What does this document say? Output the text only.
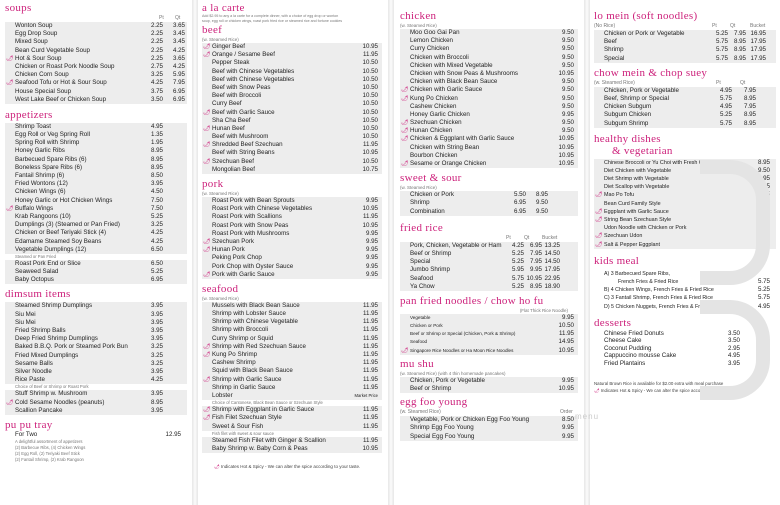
soups
Pt Qt
Wonton Soup	2.25 3.65
Egg Drop Soup	2.25 3.45
Mixed Soup	2.25 3.45
Bean Curd Vegetable Soup	2.25 4.25
🌶 Hot & Sour Soup	2.25 3.65
Chicken or Roast Pork Noodle Soup	2.75 4.25
Chicken Corn Soup	3.25 5.95
🌶 Seafood Tofu or Hot & Sour Soup	4.25 7.95
House Special Soup	3.75 6.95
West Lake Beef or Chicken Soup	3.50 6.95
appetizers
Shrimp Toast	4.95
Egg Roll or Veg Spring Roll	1.35
Spring Roll with Shrimp	1.95
Honey Garlic Ribs	8.95
Barbecued Spare Ribs (6)	8.95
Boneless Spare Ribs (6)	8.95
Fantail Shrimp (6)	8.50
Fried Wontons (12)	3.95
Chicken Wings (6)	4.50
Honey Garlic or Hot Chicken Wings	7.50
🌶 Buffalo Wings	7.50
Krab Rangoons (10)	5.25
Dumplings (3) (Steamed or Pan Fried)	3.25
Chicken or Beef Teriyaki Stick (4)	4.25
Edamame Steamed Soy Beans	4.25
Vegetable Dumplings (12)	6.50
Steamed or Pan Fried
Roast Pork End or Slice	6.50
Seaweed Salad	5.25
Baby Octopus	6.95
dimsum items
Steamed Shrimp Dumplings	3.95
Siu Mei	3.95
Siu Mei	3.95
Fried Shrimp Balls	3.95
Deep Fried Shrimp Dumplings	3.95
Baked B.B.Q. Pork or Steamed Pork Bun	3.25
Fried Mixed Dumplings	3.25
Sesame Balls	3.25
Silver Noodle	3.95
Rice Paste	4.25
Choice of Beef or Shrimp or Roast Pork
Stuff Shrimp w. Mushroom	3.95
🌶 Cold Sesame Noodles (peanuts)	8.95
Scallion Pancake	3.95
pu pu tray
For Two	12.95
A delightful assortment of appetizers
(2) Barbecue Ribs, (4) Chicken Wings
(2) Egg Roll, (2) Teriyaki Beef Stick
(2) Fantail Shrimp, (2) Krab Rangoon
a la carte
Add $2.95 to any a la carte for a complete dinner, with a choice of egg drop or wonton
soup, egg roll or chicken wings, roast pork fried rice or steamed rice and fortune cookies
beef
(w. Steamed Rice)
🌶 Ginger Beef	10.95
🌶 Orange / Sesame Beef	11.95
Pepper Steak	10.50
Beef with Chinese Vegetables	10.50
Beef with Chinese Vegetables	10.50
Beef with Snow Peas	10.50
Beef with Broccoli	10.50
Curry Beef	10.50
🌶 Beef with Garlic Sauce	10.50
Sha Cha Beef	10.50
🌶 Hunan Beef	10.50
Beef with Mushroom	10.50
🌶 Shredded Beef Szechuan	11.95
Beef with String Beans	10.95
🌶 Szechuan Beef	10.50
Mongolian Beef	10.75
pork
(w. Steamed Rice)
Roast Pork with Bean Sprouts	9.95
Roast Pork with Chinese Vegetables	10.95
Roast Pork with Scallions	11.95
Roast Pork with Snow Peas	10.95
Roast Pork with Mushrooms	9.95
🌶 Szechuan Pork	9.95
🌶 Hunan Pork	9.95
Peking Pork Chop	9.95
Pork Chop with Oyster Sauce	9.95
🌶 Pork with Garlic Sauce	9.95
seafood
(w. Steamed Rice)
Mussels with Black Bean Sauce	11.95
Shrimp with Lobster Sauce	11.95
Shrimp with Chinese Vegetable	11.95
Shrimp with Broccoli	11.95
Curry Shrimp or Squid	11.95
🌶 Shrimp with Red Szechuan Sauce	11.95
🌶 Kung Po Shrimp	11.95
Cashew Shrimp	11.95
Squid with Black Bean Sauce	11.95
🌶 Shrimp with Garlic Sauce	11.95
Shrimp in Garlic Sauce	11.95
Lobster	Market Price
Choice of Cantonese, Black Bean Sauce or Szechuan Style
🌶 Shrimp with Eggplant in Garlic Sauce	11.95
🌶 Fish Filet Szechuan Style	11.95
Sweet & Sour Fish	11.95
Fish filet with sweet & sour sauce
Steamed Fish Filet with Ginger & Scallion	11.95
Baby Shrimp w. Baby Corn & Peas	10.95
🌶 Indicates Hot & Spicy - We can alter the spice according to your taste.
chicken
(w. Steamed Rice)
Moo Goo Gai Pan	9.50
Lemon Chicken	9.50
Curry Chicken	9.50
Chicken with Broccoli	9.50
Chicken with Mixed Vegetable	9.50
Chicken with Snow Peas & Mushrooms	10.95
Chicken with Black Bean Sauce	9.50
🌶 Chicken with Garlic Sauce	9.50
🌶 Kung Po Chicken	9.50
Cashew Chicken	9.50
Honey Garlic Chicken	9.95
🌶 Szechuan Chicken	9.50
🌶 Hunan Chicken	9.50
🌶 Chicken & Eggplant with Garlic Sauce	10.95
Chicken with String Bean	10.95
Bourbon Chicken	10.95
🌶 Sesame or Orange Chicken	10.95
sweet & sour
(w. Steamed Rice)
Chicken or Pork	5.50 8.95
Shrimp	6.95 9.50
Combination	6.95 9.50
fried rice
Pt	Qt	Bucket
Pork, Chicken, Vegetable or Ham 4.25 6.95 13.25
Beef or Shrimp	5.25 7.95 14.50
Special	5.25 7.95 14.50
Jumbo Shrimp	5.95 9.95 17.95
Seafood	5.75 10.95 22.95
Ya Chow	5.25 8.95 18.90
pan fried noodles / chow ho fu
(Flat Thick Rice Noodle)
Vegetable	9.95
Chicken or Pork	10.50
Beef or Shrimp or Special (Chicken, Pork & Shrimp)	11.95
Seafood	14.95
🌶 Singapore Rice Noodles or Ha Moon Rice Noodles	10.95
mu shu
(w. Steamed Rice) (with 4 thin homemade pancakes)
Chicken, Pork or Vegetable	9.95
Beef or Shrimp	10.95
egg foo young
(w. Steamed Rice)	Order
Vegetable, Pork or Chicken Egg Foo Young	8.50
Shrimp Egg Foo Young	9.95
Special Egg Foo Young	9.95
lo mein (soft noodles)
(No Rice)	Pt	Qt	Bucket
Chicken or Pork or Vegetable	5.25 7.95 16.95
Beef	5.75 8.95 17.95
Shrimp	5.75 8.95 17.95
Special	5.75 8.95 17.95
chow mein & chop suey
(w. Steamed Rice)	Pt	Qt
Chicken, Pork or Vegetable	4.95 7.95
Beef, Shrimp or Special	5.75 8.95
Chicken Subgum	4.95 7.95
Subgum Chicken	5.25 8.95
Subgum Shrimp	5.75 8.95
healthy dishes
& vegetarian
Chinese Broccoli or Yu Choi with Fresh Garlic	8.95
Diet Chicken with Vegetable	9.50
Diet Shrimp with Vegetable	10.95
Diet Scallop with Vegetable	12.95
🌶 Mao Po Tofu	8.95
Bean Curd Family Style	8.95
🌶 Eggplant with Garlic Sauce	8.95
🌶 String Bean Szechuan Style	8.95
Udon Noodle with Chicken or Pork	9.95
🌶 Szechuan Udon	9.95
🌶 Salt & Pepper Eggplant	9.95
kids meal
A) 3 Barbecued Spare Ribs,
French Fries & Fried Rice	5.75
B) 4 Chicken Wings, French Fries & Fried Rice	5.25
C) 3 Fantail Shrimp, French Fries & Fried Rice	5.75
D) 5 Chicken Nuggets, French Fries & Fried Rice	4.95
desserts
Chinese Fried Donuts	3.50
Cheese Cake	3.50
Coconut Pudding	2.95
Cappuccino mousse Cake	4.95
Fried Plantains	3.95
Natural Brown Rice is available for $2.00 extra with meal purchase
🌶 Indicates Hot & Spicy - We can alter the spice according to your taste.
menu
